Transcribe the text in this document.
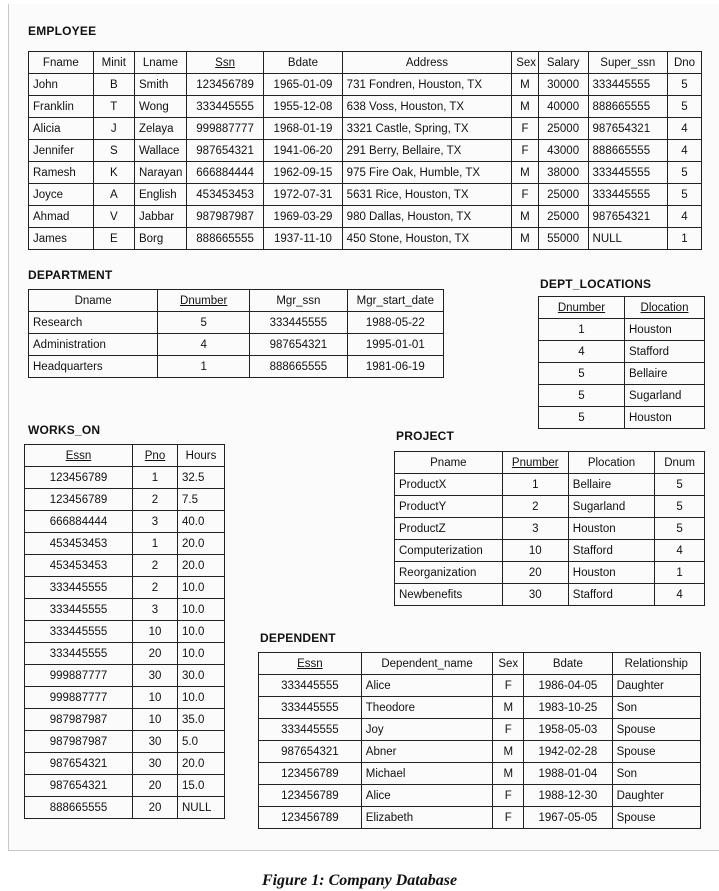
EMPLOYEE
Fname	Minit	Lname	Ssn	Bdate	Address	Sex	Salary	Super_ssn	Dno
John	B	Smith	123456789	1965-01-09	731 Fondren, Houston, TX	M	30000	333445555	5
Franklin	T	Wong	333445555	1955-12-08	638 Voss, Houston, TX	M	40000	888665555	5
Alicia	J	Zelaya	999887777	1968-01-19	3321 Castle, Spring, TX	F	25000	987654321	4
Jennifer	S	Wallace	987654321	1941-06-20	291 Berry, Bellaire, TX	F	43000	888665555	4
Ramesh	K	Narayan	666884444	1962-09-15	975 Fire Oak, Humble, TX	M	38000	333445555	5
Joyce	A	English	453453453	1972-07-31	5631 Rice, Houston, TX	F	25000	333445555	5
Ahmad	V	Jabbar	987987987	1969-03-29	980 Dallas, Houston, TX	M	25000	987654321	4
James	E	Borg	888665555	1937-11-10	450 Stone, Houston, TX	M	55000	NULL	1
DEPARTMENT
Dname	Dnumber	Mgr_ssn	Mgr_start_date
Research	5	333445555	1988-05-22
Administration	4	987654321	1995-01-01
Headquarters	1	888665555	1981-06-19
DEPT_LOCATIONS
Dnumber	Dlocation
1	Houston
4	Stafford
5	Bellaire
5	Sugarland
5	Houston
WORKS_ON
Essn	Pno	Hours
123456789	1	32.5
123456789	2	7.5
666884444	3	40.0
453453453	1	20.0
453453453	2	20.0
333445555	2	10.0
333445555	3	10.0
333445555	10	10.0
333445555	20	10.0
999887777	30	30.0
999887777	10	10.0
987987987	10	35.0
987987987	30	5.0
987654321	30	20.0
987654321	20	15.0
888665555	20	NULL
PROJECT
Pname	Pnumber	Plocation	Dnum
ProductX	1	Bellaire	5
ProductY	2	Sugarland	5
ProductZ	3	Houston	5
Computerization	10	Stafford	4
Reorganization	20	Houston	1
Newbenefits	30	Stafford	4
DEPENDENT
Essn	Dependent_name	Sex	Bdate	Relationship
333445555	Alice	F	1986-04-05	Daughter
333445555	Theodore	M	1983-10-25	Son
333445555	Joy	F	1958-05-03	Spouse
987654321	Abner	M	1942-02-28	Spouse
123456789	Michael	M	1988-01-04	Son
123456789	Alice	F	1988-12-30	Daughter
123456789	Elizabeth	F	1967-05-05	Spouse
Figure 1: Company Database
